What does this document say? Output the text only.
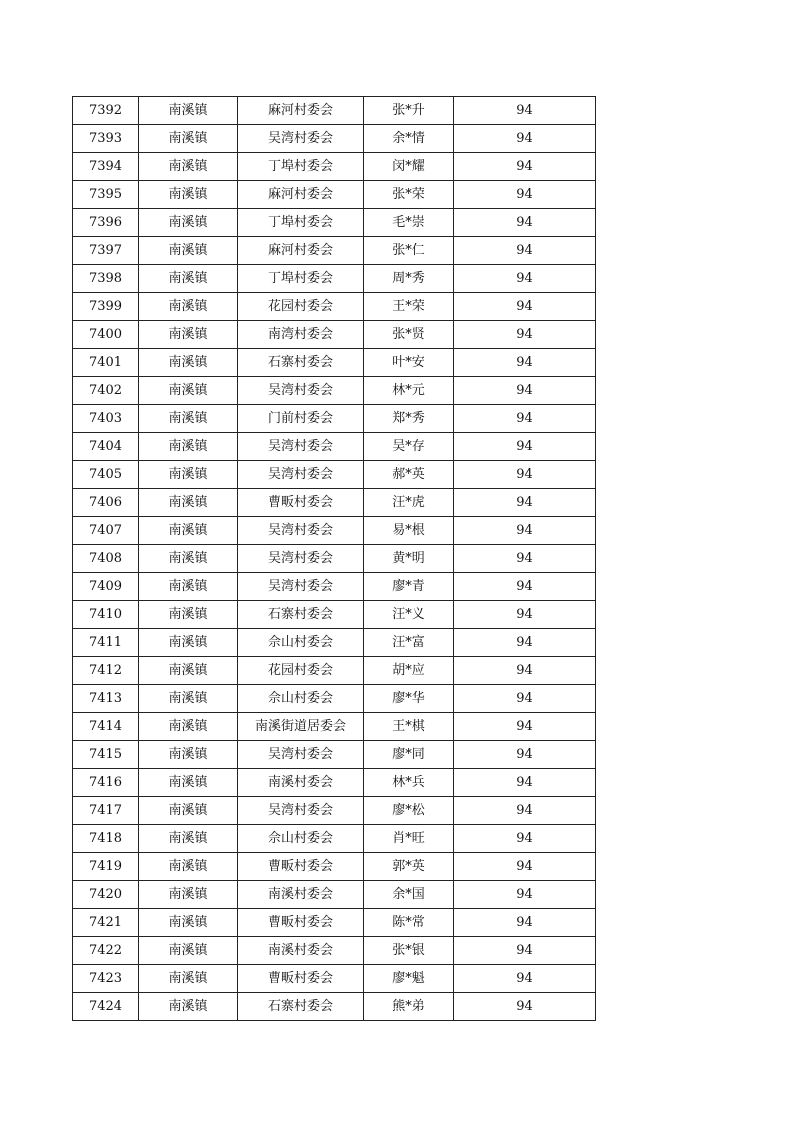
7392	南溪镇	麻河村委会	张*升	94
7393	南溪镇	吴湾村委会	余*情	94
7394	南溪镇	丁埠村委会	闵*耀	94
7395	南溪镇	麻河村委会	张*荣	94
7396	南溪镇	丁埠村委会	毛*崇	94
7397	南溪镇	麻河村委会	张*仁	94
7398	南溪镇	丁埠村委会	周*秀	94
7399	南溪镇	花园村委会	王*荣	94
7400	南溪镇	南湾村委会	张*贤	94
7401	南溪镇	石寨村委会	叶*安	94
7402	南溪镇	吴湾村委会	林*元	94
7403	南溪镇	门前村委会	郑*秀	94
7404	南溪镇	吴湾村委会	吴*存	94
7405	南溪镇	吴湾村委会	郝*英	94
7406	南溪镇	曹畈村委会	汪*虎	94
7407	南溪镇	吴湾村委会	易*根	94
7408	南溪镇	吴湾村委会	黄*明	94
7409	南溪镇	吴湾村委会	廖*青	94
7410	南溪镇	石寨村委会	汪*义	94
7411	南溪镇	佘山村委会	汪*富	94
7412	南溪镇	花园村委会	胡*应	94
7413	南溪镇	佘山村委会	廖*华	94
7414	南溪镇	南溪街道居委会	王*棋	94
7415	南溪镇	吴湾村委会	廖*同	94
7416	南溪镇	南溪村委会	林*兵	94
7417	南溪镇	吴湾村委会	廖*松	94
7418	南溪镇	佘山村委会	肖*旺	94
7419	南溪镇	曹畈村委会	郭*英	94
7420	南溪镇	南溪村委会	余*国	94
7421	南溪镇	曹畈村委会	陈*常	94
7422	南溪镇	南溪村委会	张*银	94
7423	南溪镇	曹畈村委会	廖*魁	94
7424	南溪镇	石寨村委会	熊*弟	94
